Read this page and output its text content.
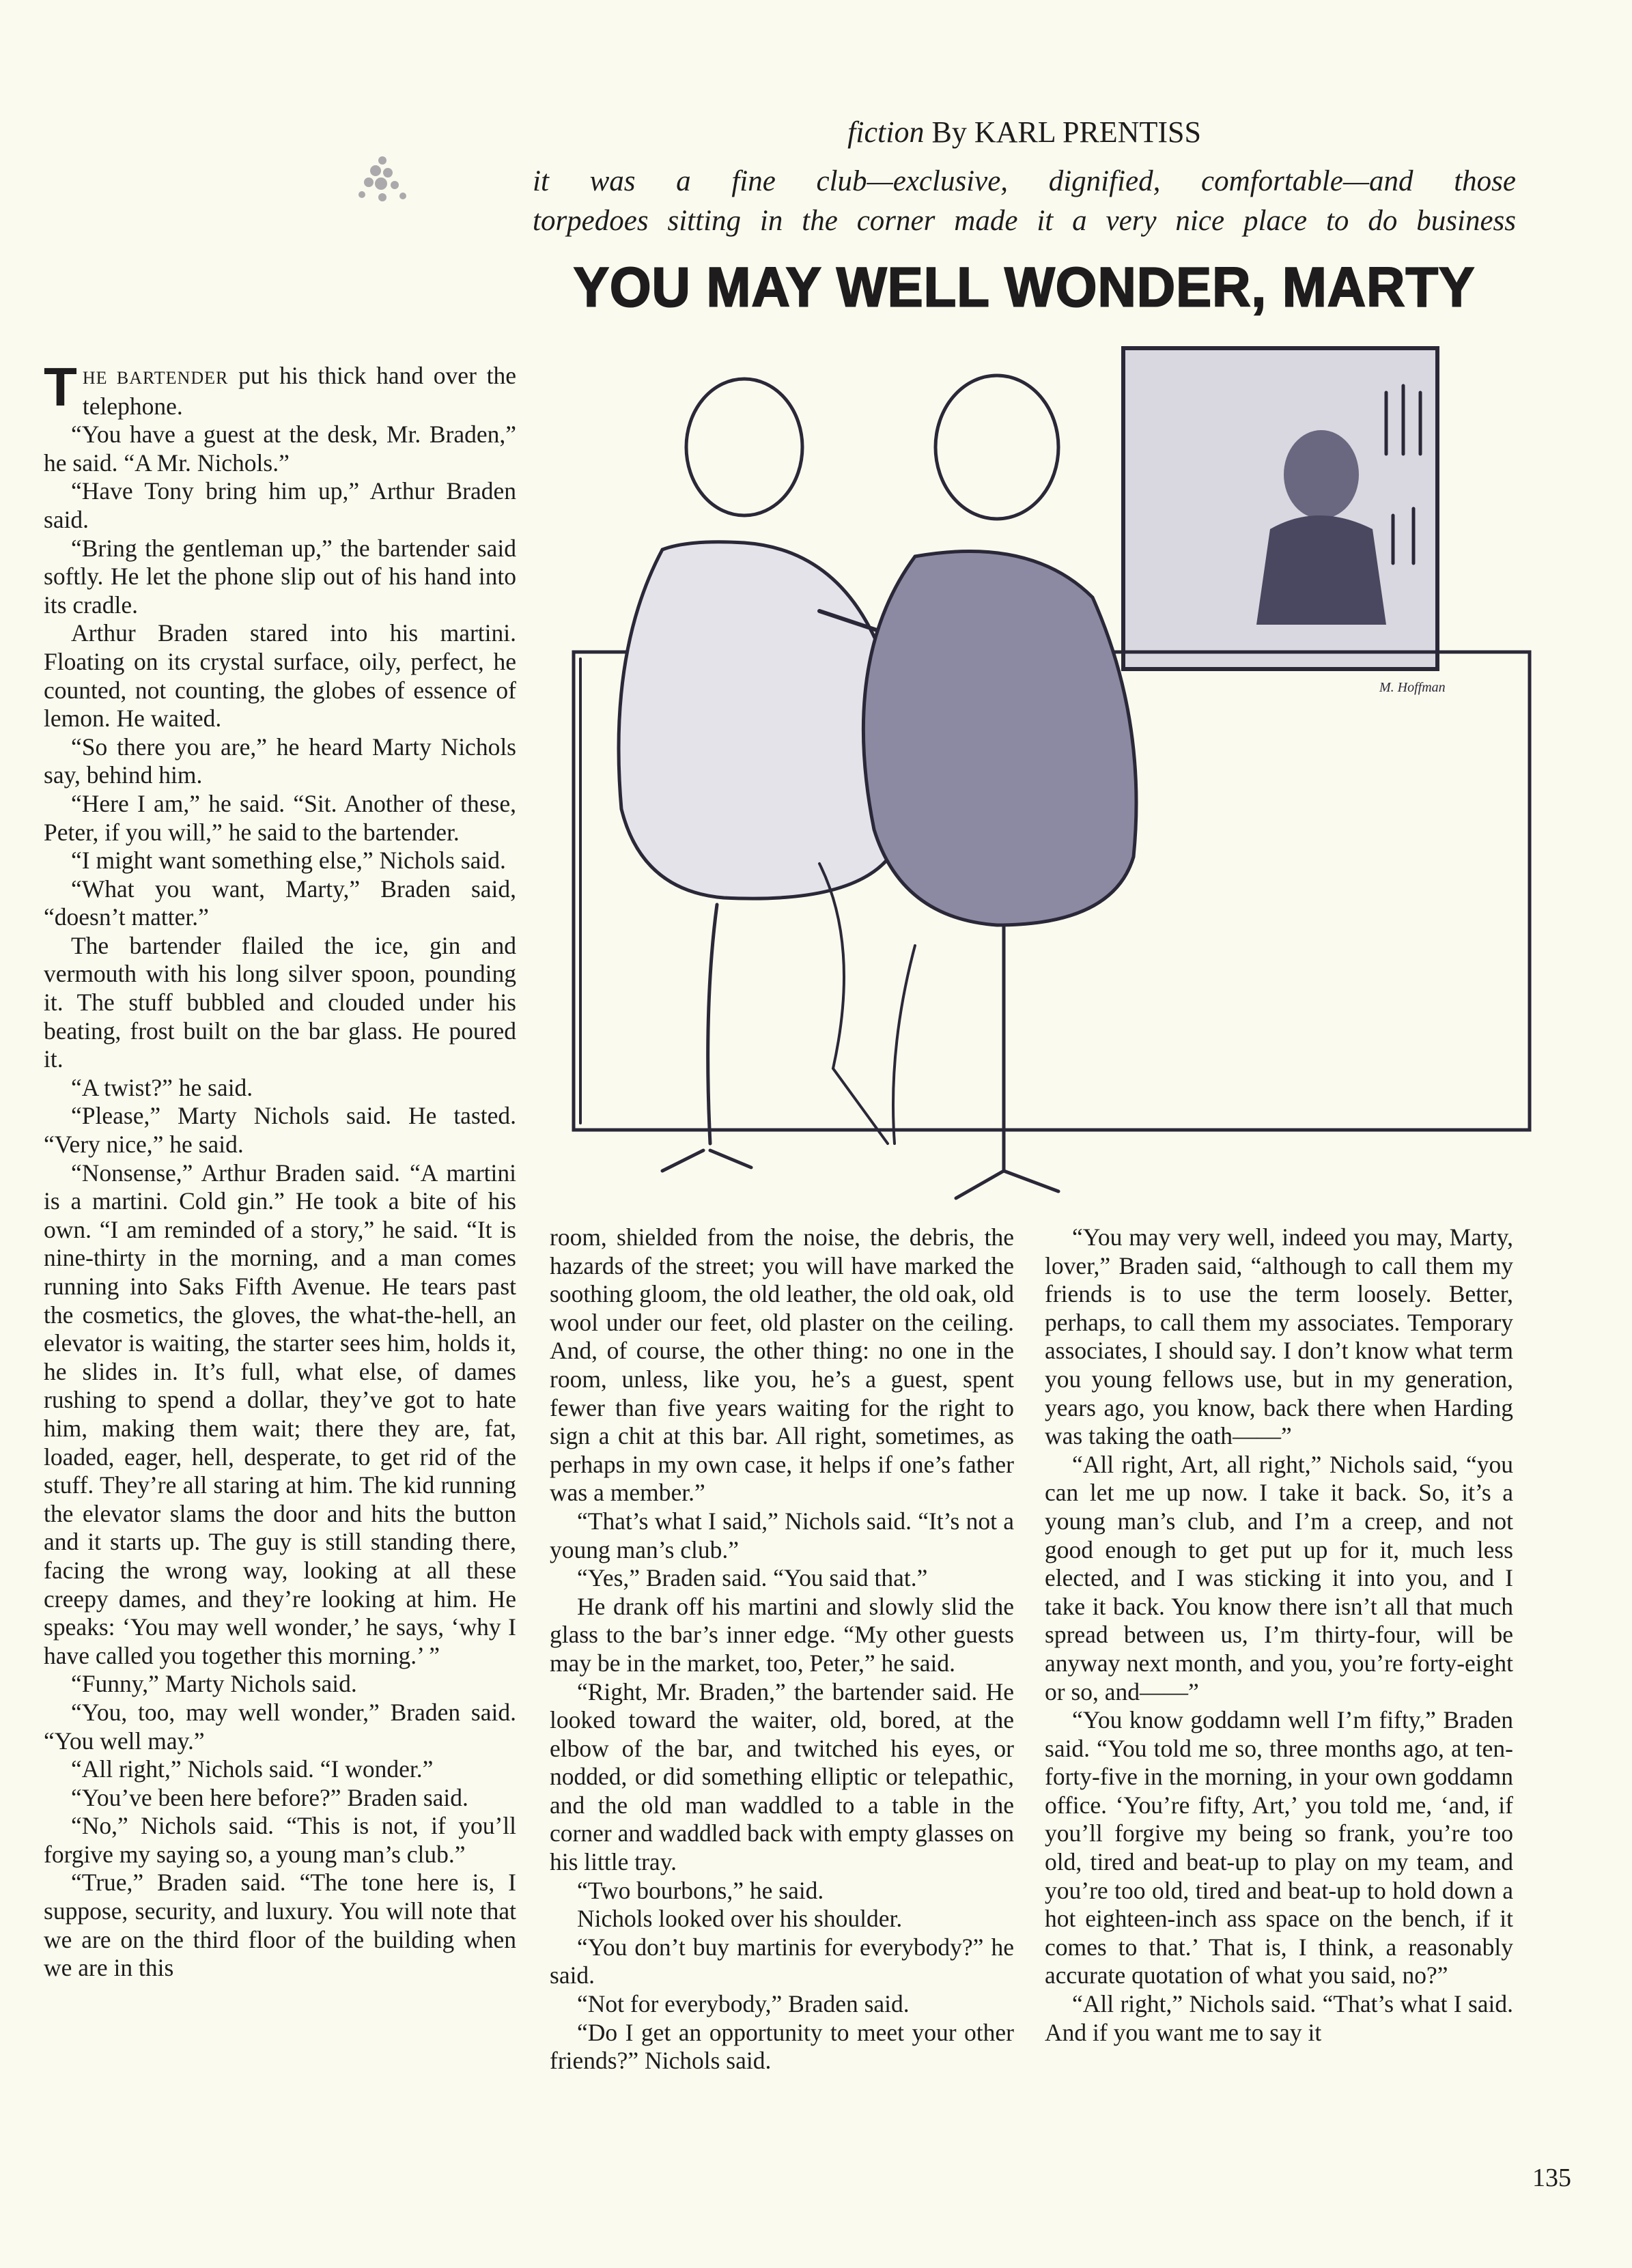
fiction By KARL PRENTISS

it was a fine club—exclusive, dignified, comfortable—and those

torpedoes sitting in the corner made it a very nice place to do business

YOU MAY WELL WONDER, MARTY

M. Hoffman

THE BARTENDER put his thick hand over the telephone.

“You have a guest at the desk, Mr. Braden,” he said. “A Mr. Nichols.”

“Have Tony bring him up,” Arthur Braden said.

“Bring the gentleman up,” the bartender said softly. He let the phone slip out of his hand into its cradle.

Arthur Braden stared into his martini. Floating on its crystal surface, oily, perfect, he counted, not counting, the globes of essence of lemon. He waited.

“So there you are,” he heard Marty Nichols say, behind him.

“Here I am,” he said. “Sit. Another of these, Peter, if you will,” he said to the bartender.

“I might want something else,” Nichols said.

“What you want, Marty,” Braden said, “doesn’t matter.”

The bartender flailed the ice, gin and vermouth with his long silver spoon, pounding it. The stuff bubbled and clouded under his beating, frost built on the bar glass. He poured it.

“A twist?” he said.

“Please,” Marty Nichols said. He tasted. “Very nice,” he said.

“Nonsense,” Arthur Braden said. “A martini is a martini. Cold gin.” He took a bite of his own. “I am reminded of a story,” he said. “It is nine-thirty in the morning, and a man comes running into Saks Fifth Avenue. He tears past the cosmetics, the gloves, the what-the-hell, an elevator is waiting, the starter sees him, holds it, he slides in. It’s full, what else, of dames rushing to spend a dollar, they’ve got to hate him, making them wait; there they are, fat, loaded, eager, hell, desperate, to get rid of the stuff. They’re all staring at him. The kid running the elevator slams the door and hits the button and it starts up. The guy is still standing there, facing the wrong way, looking at all these creepy dames, and they’re looking at him. He speaks: ‘You may well wonder,’ he says, ‘why I have called you together this morning.’ ”

“Funny,” Marty Nichols said.

“You, too, may well wonder,” Braden said. “You well may.”

“All right,” Nichols said. “I wonder.”

“You’ve been here before?” Braden said.

“No,” Nichols said. “This is not, if you’ll forgive my saying so, a young man’s club.”

“True,” Braden said. “The tone here is, I suppose, security, and luxury. You will note that we are on the third floor of the building when we are in this

room, shielded from the noise, the debris, the hazards of the street; you will have marked the soothing gloom, the old leather, the old oak, old wool under our feet, old plaster on the ceiling. And, of course, the other thing: no one in the room, unless, like you, he’s a guest, spent fewer than five years waiting for the right to sign a chit at this bar. All right, sometimes, as perhaps in my own case, it helps if one’s father was a member.”

“That’s what I said,” Nichols said. “It’s not a young man’s club.”

“Yes,” Braden said. “You said that.”

He drank off his martini and slowly slid the glass to the bar’s inner edge. “My other guests may be in the market, too, Peter,” he said.

“Right, Mr. Braden,” the bartender said. He looked toward the waiter, old, bored, at the elbow of the bar, and twitched his eyes, or nodded, or did something elliptic or telepathic, and the old man waddled to a table in the corner and waddled back with empty glasses on his little tray.

“Two bourbons,” he said.

Nichols looked over his shoulder.

“You don’t buy martinis for everybody?” he said.

“Not for everybody,” Braden said.

“Do I get an opportunity to meet your other friends?” Nichols said.

“You may very well, indeed you may, Marty, lover,” Braden said, “although to call them my friends is to use the term loosely. Better, perhaps, to call them my associates. Temporary associates, I should say. I don’t know what term you young fellows use, but in my generation, years ago, you know, back there when Harding was taking the oath——”

“All right, Art, all right,” Nichols said, “you can let me up now. I take it back. So, it’s a young man’s club, and I’m a creep, and not good enough to get put up for it, much less elected, and I was sticking it into you, and I take it back. You know there isn’t all that much spread between us, I’m thirty-four, will be anyway next month, and you, you’re forty-eight or so, and——”

“You know goddamn well I’m fifty,” Braden said. “You told me so, three months ago, at ten-forty-five in the morning, in your own goddamn office. ‘You’re fifty, Art,’ you told me, ‘and, if you’ll forgive my being so frank, you’re too old, tired and beat-up to play on my team, and you’re too old, tired and beat-up to hold down a hot eighteen-inch ass space on the bench, if it comes to that.’ That is, I think, a reasonably accurate quotation of what you said, no?”

“All right,” Nichols said. “That’s what I said. And if you want me to say it

135
